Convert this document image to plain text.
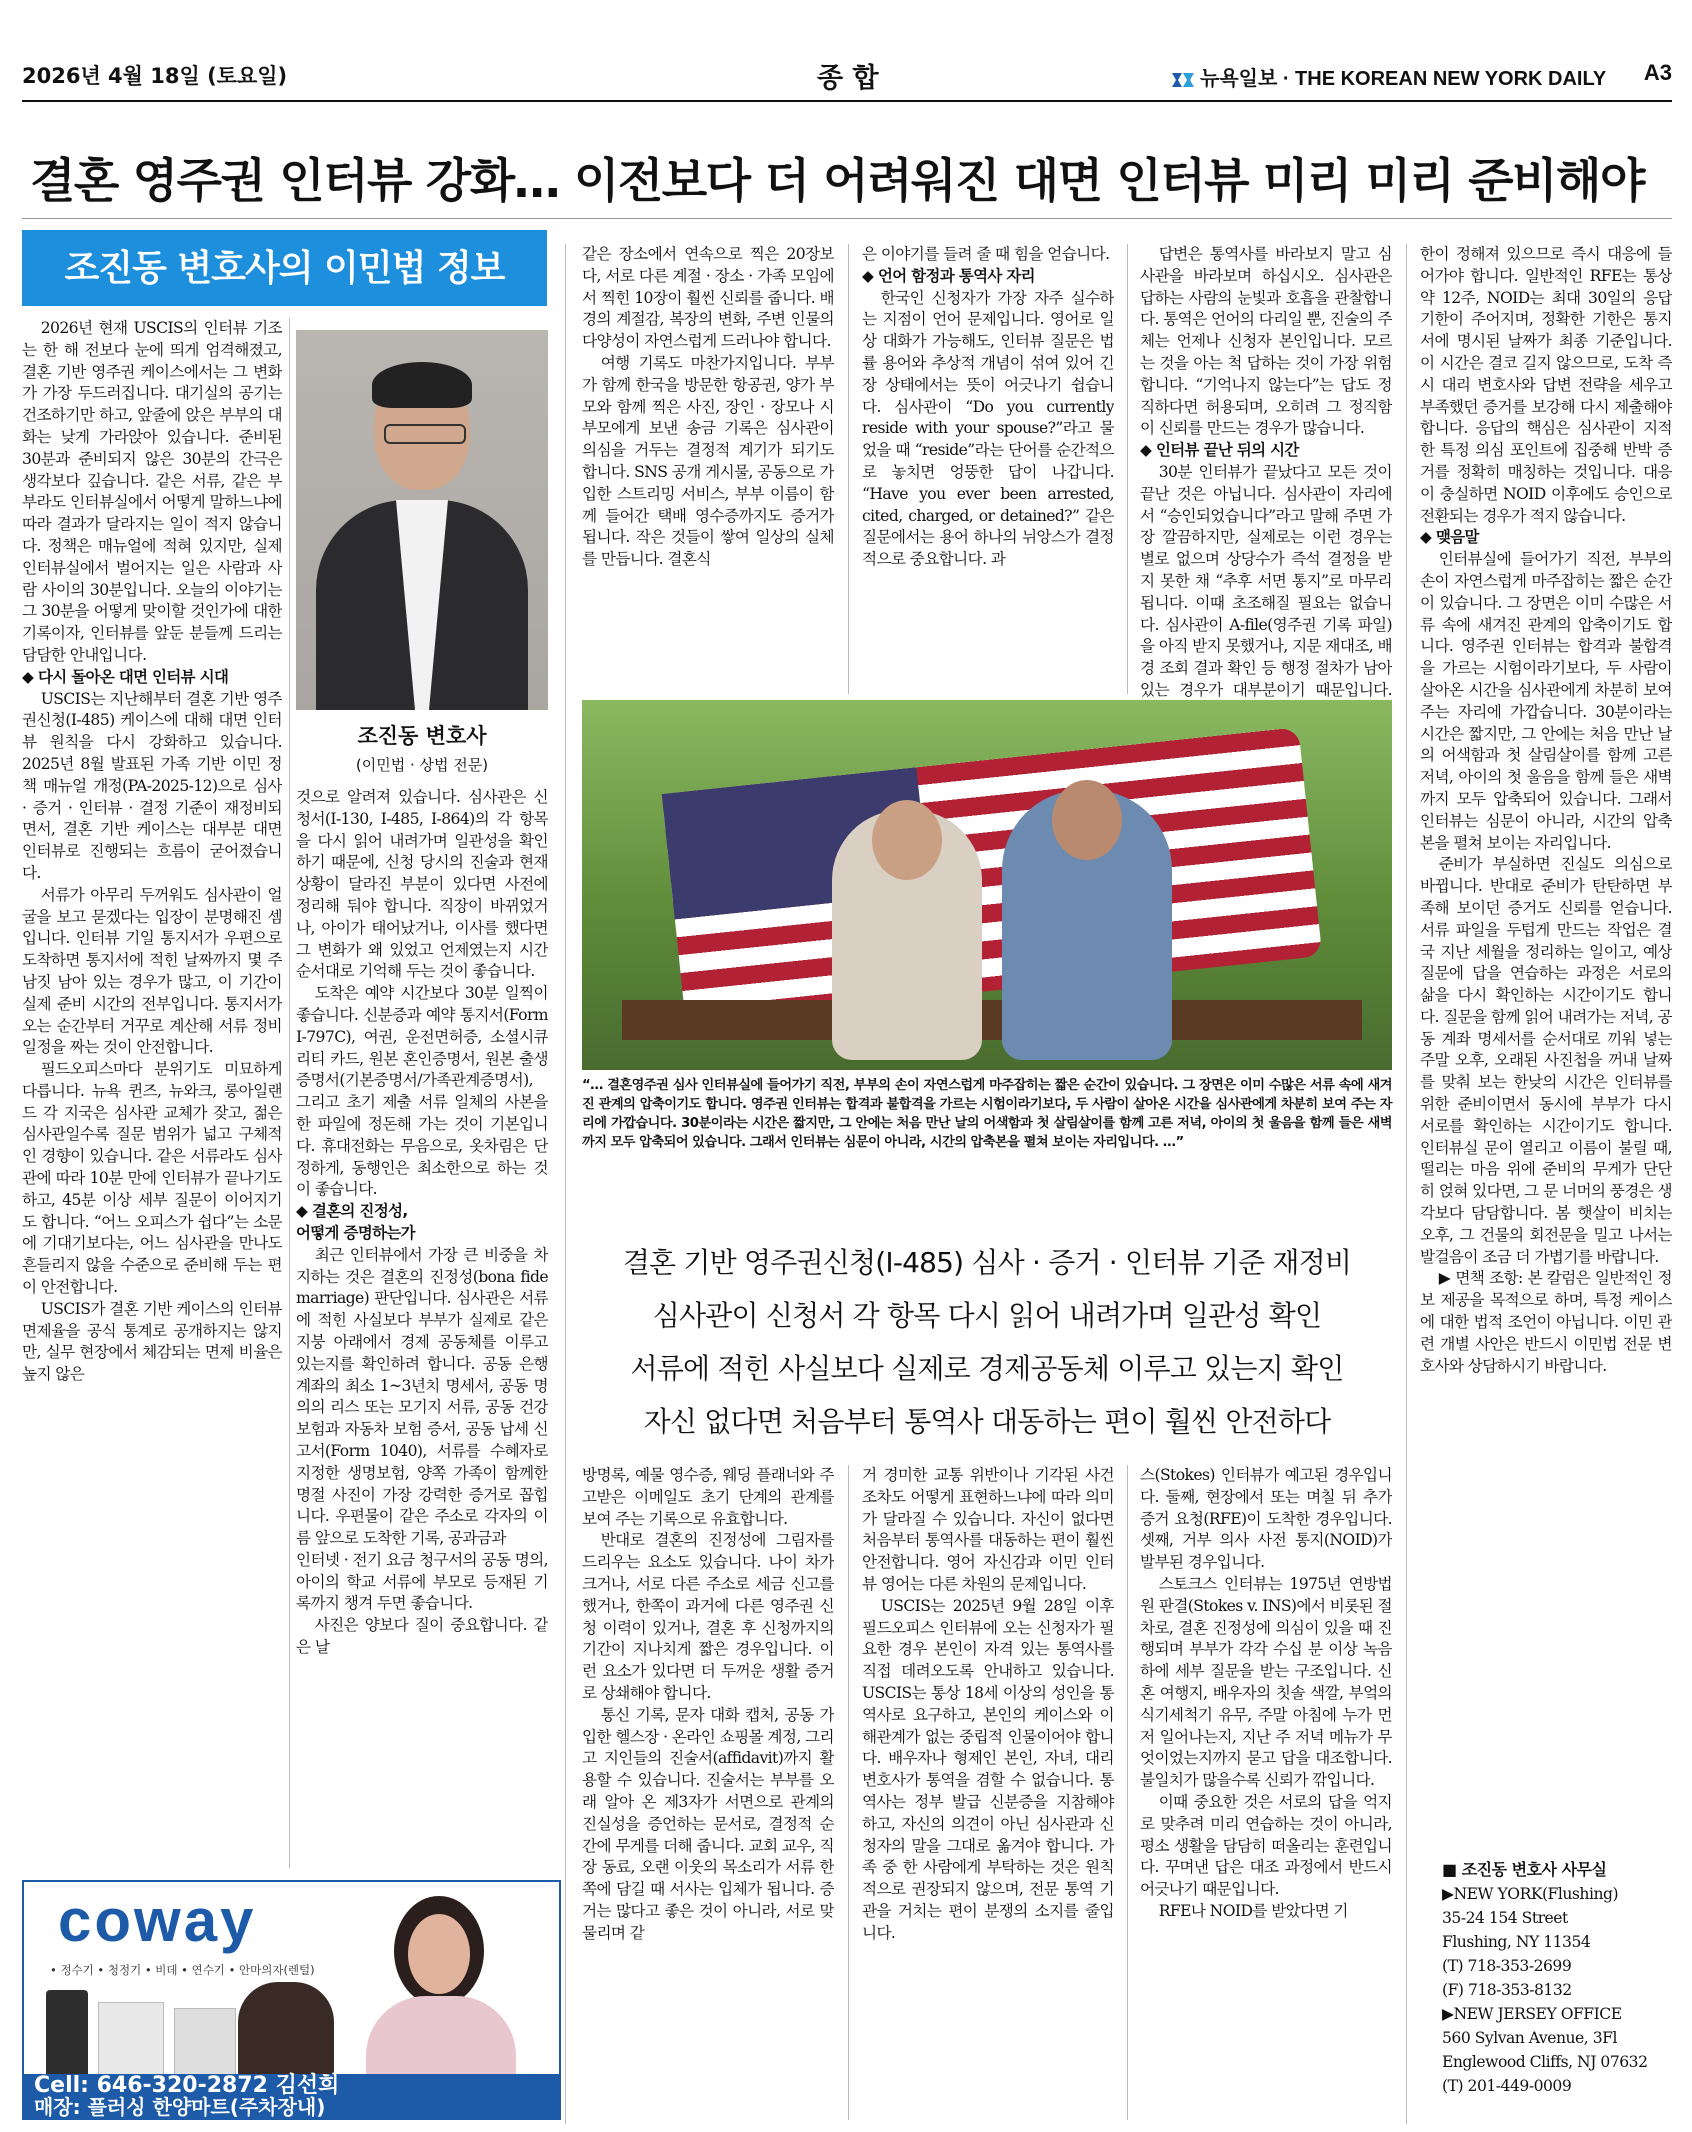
2026년 4월 18일 (토요일)	종 합	뉴욕일보 · THE KOREAN NEW YORK DAILY A3
결혼 영주권 인터뷰 강화… 이전보다 더 어려워진 대면 인터뷰 미리 미리 준비해야
조진동 변호사의 이민법 정보
조진동 변호사
(이민법 · 상법 전문)

2026년 현재 USCIS의 인터뷰 기조는 한 해 전보다 눈에 띄게 엄격해졌고, 결혼 기반 영주권 케이스에서는 그 변화가 가장 두드러집니다. 대기실의 공기는 건조하기만 하고, 앞줄에 앉은 부부의 대화는 낮게 가라앉아 있습니다. 준비된 30분과 준비되지 않은 30분의 간극은 생각보다 깊습니다. 같은 서류, 같은 부부라도 인터뷰실에서 어떻게 말하느냐에 따라 결과가 달라지는 일이 적지 않습니다. 정책은 매뉴얼에 적혀 있지만, 실제 인터뷰실에서 벌어지는 일은 사람과 사람 사이의 30분입니다. 오늘의 이야기는 그 30분을 어떻게 맞이할 것인가에 대한 기록이자, 인터뷰를 앞둔 분들께 드리는 담담한 안내입니다.

◆ 다시 돌아온 대면 인터뷰 시대

USCIS는 지난해부터 결혼 기반 영주권신청(I-485) 케이스에 대해 대면 인터뷰 원칙을 다시 강화하고 있습니다. 2025년 8월 발표된 가족 기반 이민 정책 매뉴얼 개정(PA-2025-12)으로 심사 · 증거 · 인터뷰 · 결정 기준이 재정비되면서, 결혼 기반 케이스는 대부분 대면 인터뷰로 진행되는 흐름이 굳어졌습니다.

서류가 아무리 두꺼워도 심사관이 얼굴을 보고 묻겠다는 입장이 분명해진 셈입니다. 인터뷰 기일 통지서가 우편으로 도착하면 통지서에 적힌 날짜까지 몇 주 남짓 남아 있는 경우가 많고, 이 기간이 실제 준비 시간의 전부입니다. 통지서가 오는 순간부터 거꾸로 계산해 서류 정비 일정을 짜는 것이 안전합니다.

필드오피스마다 분위기도 미묘하게 다릅니다. 뉴욕 퀸즈, 뉴와크, 롱아일랜드 각 지국은 심사관 교체가 잦고, 젊은 심사관일수록 질문 범위가 넓고 구체적인 경향이 있습니다. 같은 서류라도 심사관에 따라 10분 만에 인터뷰가 끝나기도 하고, 45분 이상 세부 질문이 이어지기도 합니다. “어느 오피스가 쉽다”는 소문에 기대기보다는, 어느 심사관을 만나도 흔들리지 않을 수준으로 준비해 두는 편이 안전합니다.

USCIS가 결혼 기반 케이스의 인터뷰 면제율을 공식 통계로 공개하지는 않지만, 실무 현장에서 체감되는 면제 비율은 높지 않은

것으로 알려져 있습니다. 심사관은 신청서(I-130, I-485, I-864)의 각 항목을 다시 읽어 내려가며 일관성을 확인하기 때문에, 신청 당시의 진술과 현재 상황이 달라진 부분이 있다면 사전에 정리해 둬야 합니다. 직장이 바뀌었거나, 아이가 태어났거나, 이사를 했다면 그 변화가 왜 있었고 언제였는지 시간 순서대로 기억해 두는 것이 좋습니다.

도착은 예약 시간보다 30분 일찍이 좋습니다. 신분증과 예약 통지서(Form I-797C), 여권, 운전면허증, 소셜시큐리티 카드, 원본 혼인증명서, 원본 출생증명서(기본증명서/가족관계증명서), 그리고 초기 제출 서류 일체의 사본을 한 파일에 정돈해 가는 것이 기본입니다. 휴대전화는 무음으로, 옷차림은 단정하게, 동행인은 최소한으로 하는 것이 좋습니다.

◆ 결혼의 진정성,

어떻게 증명하는가

최근 인터뷰에서 가장 큰 비중을 차지하는 것은 결혼의 진정성(bona fide marriage) 판단입니다. 심사관은 서류에 적힌 사실보다 부부가 실제로 같은 지붕 아래에서 경제 공동체를 이루고 있는지를 확인하려 합니다. 공동 은행 계좌의 최소 1~3년치 명세서, 공동 명의의 리스 또는 모기지 서류, 공동 건강보험과 자동차 보험 증서, 공동 납세 신고서(Form 1040), 서류를 수혜자로 지정한 생명보험, 양쪽 가족이 함께한 명절 사진이 가장 강력한 증거로 꼽힙니다. 우편물이 같은 주소로 각자의 이름 앞으로 도착한 기록, 공과금과

인터넷 · 전기 요금 청구서의 공동 명의, 아이의 학교 서류에 부모로 등재된 기록까지 챙겨 두면 좋습니다.

사진은 양보다 질이 중요합니다. 같은 날

같은 장소에서 연속으로 찍은 20장보다, 서로 다른 계절 · 장소 · 가족 모임에서 찍힌 10장이 훨씬 신뢰를 줍니다. 배경의 계절감, 복장의 변화, 주변 인물의 다양성이 자연스럽게 드러나야 합니다.

여행 기록도 마찬가지입니다. 부부가 함께 한국을 방문한 항공권, 양가 부모와 함께 찍은 사진, 장인 · 장모나 시부모에게 보낸 송금 기록은 심사관이 의심을 거두는 결정적 계기가 되기도 합니다. SNS 공개 게시물, 공동으로 가입한 스트리밍 서비스, 부부 이름이 함께 들어간 택배 영수증까지도 증거가 됩니다. 작은 것들이 쌓여 일상의 실체를 만듭니다. 결혼식

은 이야기를 들려 줄 때 힘을 얻습니다.

◆ 언어 함정과 통역사 자리

한국인 신청자가 가장 자주 실수하는 지점이 언어 문제입니다. 영어로 일상 대화가 가능해도, 인터뷰 질문은 법률 용어와 추상적 개념이 섞여 있어 긴장 상태에서는 뜻이 어긋나기 쉽습니다. 심사관이 “Do you currently reside with your spouse?”라고 물었을 때 “reside”라는 단어를 순간적으로 놓치면 엉뚱한 답이 나갑니다. “Have you ever been arrested, cited, charged, or detained?” 같은 질문에서는 용어 하나의 뉘앙스가 결정적으로 중요합니다. 과

답변은 통역사를 바라보지 말고 심사관을 바라보며 하십시오. 심사관은 답하는 사람의 눈빛과 호흡을 관찰합니다. 통역은 언어의 다리일 뿐, 진술의 주체는 언제나 신청자 본인입니다. 모르는 것을 아는 척 답하는 것이 가장 위험합니다. “기억나지 않는다”는 답도 정직하다면 허용되며, 오히려 그 정직함이 신뢰를 만드는 경우가 많습니다.

◆ 인터뷰 끝난 뒤의 시간

30분 인터뷰가 끝났다고 모든 것이 끝난 것은 아닙니다. 심사관이 자리에서 “승인되었습니다”라고 말해 주면 가장 깔끔하지만, 실제로는 이런 경우는 별로 없으며 상당수가 즉석 결정을 받지 못한 채 “추후 서면 통지”로 마무리됩니다. 이때 초조해질 필요는 없습니다. 심사관이 A-file(영주권 기록 파일)을 아직 받지 못했거나, 지문 재대조, 배경 조회 결과 확인 등 행정 절차가 남아 있는 경우가 대부분이기 때문입니다.

한이 정해져 있으므로 즉시 대응에 들어가야 합니다. 일반적인 RFE는 통상 약 12주, NOID는 최대 30일의 응답 기한이 주어지며, 정확한 기한은 통지서에 명시된 날짜가 최종 기준입니다. 이 시간은 결코 길지 않으므로, 도착 즉시 대리 변호사와 답변 전략을 세우고 부족했던 증거를 보강해 다시 제출해야 합니다. 응답의 핵심은 심사관이 지적한 특정 의심 포인트에 집중해 반박 증거를 정확히 매칭하는 것입니다. 대응이 충실하면 NOID 이후에도 승인으로 전환되는 경우가 적지 않습니다.

◆ 맺음말

인터뷰실에 들어가기 직전, 부부의 손이 자연스럽게 마주잡히는 짧은 순간이 있습니다. 그 장면은 이미 수많은 서류 속에 새겨진 관계의 압축이기도 합니다. 영주권 인터뷰는 합격과 불합격을 가르는 시험이라기보다, 두 사람이 살아온 시간을 심사관에게 차분히 보여 주는 자리에 가깝습니다. 30분이라는 시간은 짧지만, 그 안에는 처음 만난 날의 어색함과 첫 살림살이를 함께 고른 저녁, 아이의 첫 울음을 함께 들은 새벽까지 모두 압축되어 있습니다. 그래서 인터뷰는 심문이 아니라, 시간의 압축본을 펼쳐 보이는 자리입니다.

준비가 부실하면 진실도 의심으로 바뀝니다. 반대로 준비가 탄탄하면 부족해 보이던 증거도 신뢰를 얻습니다. 서류 파일을 두텁게 만드는 작업은 결국 지난 세월을 정리하는 일이고, 예상 질문에 답을 연습하는 과정은 서로의 삶을 다시 확인하는 시간이기도 합니다. 질문을 함께 읽어 내려가는 저녁, 공동 계좌 명세서를 순서대로 끼워 넣는 주말 오후, 오래된 사진첩을 꺼내 날짜를 맞춰 보는 한낮의 시간은 인터뷰를 위한 준비이면서 동시에 부부가 다시 서로를 확인하는 시간이기도 합니다. 인터뷰실 문이 열리고 이름이 불릴 때, 떨리는 마음 위에 준비의 무게가 단단히 얹혀 있다면, 그 문 너머의 풍경은 생각보다 담담합니다. 봄 햇살이 비치는 오후, 그 건물의 회전문을 밀고 나서는 발걸음이 조금 더 가볍기를 바랍니다.

▶ 면책 조항: 본 칼럼은 일반적인 정보 제공을 목적으로 하며, 특정 케이스에 대한 법적 조언이 아닙니다. 이민 관련 개별 사안은 반드시 이민법 전문 변호사와 상담하시기 바랍니다.

방명록, 예물 영수증, 웨딩 플래너와 주고받은 이메일도 초기 단계의 관계를 보여 주는 기록으로 유효합니다.

반대로 결혼의 진정성에 그림자를 드리우는 요소도 있습니다. 나이 차가 크거나, 서로 다른 주소로 세금 신고를 했거나, 한쪽이 과거에 다른 영주권 신청 이력이 있거나, 결혼 후 신청까지의 기간이 지나치게 짧은 경우입니다. 이런 요소가 있다면 더 두꺼운 생활 증거로 상쇄해야 합니다.

통신 기록, 문자 대화 캡처, 공동 가입한 헬스장 · 온라인 쇼핑몰 계정, 그리고 지인들의 진술서(affidavit)까지 활용할 수 있습니다. 진술서는 부부를 오래 알아 온 제3자가 서면으로 관계의 진실성을 증언하는 문서로, 결정적 순간에 무게를 더해 줍니다. 교회 교우, 직장 동료, 오랜 이웃의 목소리가 서류 한쪽에 담길 때 서사는 입체가 됩니다. 증거는 많다고 좋은 것이 아니라, 서로 맞물리며 같

거 경미한 교통 위반이나 기각된 사건조차도 어떻게 표현하느냐에 따라 의미가 달라질 수 있습니다. 자신이 없다면 처음부터 통역사를 대동하는 편이 훨씬 안전합니다. 영어 자신감과 이민 인터뷰 영어는 다른 차원의 문제입니다.

USCIS는 2025년 9월 28일 이후 필드오피스 인터뷰에 오는 신청자가 필요한 경우 본인이 자격 있는 통역사를 직접 데려오도록 안내하고 있습니다. USCIS는 통상 18세 이상의 성인을 통역사로 요구하고, 본인의 케이스와 이해관계가 없는 중립적 인물이어야 합니다. 배우자나 형제인 본인, 자녀, 대리 변호사가 통역을 겸할 수 없습니다. 통역사는 정부 발급 신분증을 지참해야 하고, 자신의 의견이 아닌 심사관과 신청자의 말을 그대로 옮겨야 합니다. 가족 중 한 사람에게 부탁하는 것은 원칙적으로 권장되지 않으며, 전문 통역 기관을 거치는 편이 분쟁의 소지를 줄입니다.

스(Stokes) 인터뷰가 예고된 경우입니다. 둘째, 현장에서 또는 며칠 뒤 추가 증거 요청(RFE)이 도착한 경우입니다. 셋째, 거부 의사 사전 통지(NOID)가 발부된 경우입니다.

스토크스 인터뷰는 1975년 연방법원 판결(Stokes v. INS)에서 비롯된 절차로, 결혼 진정성에 의심이 있을 때 진행되며 부부가 각각 수십 분 이상 녹음하에 세부 질문을 받는 구조입니다. 신혼 여행지, 배우자의 칫솔 색깔, 부엌의 식기세척기 유무, 주말 아침에 누가 먼저 일어나는지, 지난 주 저녁 메뉴가 무엇이었는지까지 묻고 답을 대조합니다. 불일치가 많을수록 신뢰가 깎입니다.

이때 중요한 것은 서로의 답을 억지로 맞추려 미리 연습하는 것이 아니라, 평소 생활을 담담히 떠올리는 훈련입니다. 꾸며낸 답은 대조 과정에서 반드시 어긋나기 때문입니다.

RFE나 NOID를 받았다면 기

“… 결혼영주권 심사 인터뷰실에 들어가기 직전, 부부의 손이 자연스럽게 마주잡히는 짧은 순간이 있습니다. 그 장면은 이미 수많은 서류 속에 새겨진 관계의 압축이기도 합니다. 영주권 인터뷰는 합격과 불합격을 가르는 시험이라기보다, 두 사람이 살아온 시간을 심사관에게 차분히 보여 주는 자리에 가깝습니다. 30분이라는 시간은 짧지만, 그 안에는 처음 만난 날의 어색함과 첫 살림살이를 함께 고른 저녁, 아이의 첫 울음을 함께 들은 새벽까지 모두 압축되어 있습니다. 그래서 인터뷰는 심문이 아니라, 시간의 압축본을 펼쳐 보이는 자리입니다. …”
결혼 기반 영주권신청(I-485) 심사 · 증거 · 인터뷰 기준 재정비
심사관이 신청서 각 항목 다시 읽어 내려가며 일관성 확인
서류에 적힌 사실보다 실제로 경제공동체 이루고 있는지 확인
자신 없다면 처음부터 통역사 대동하는 편이 훨씬 안전하다
coway
• 정수기 • 청정기 • 비데 • 연수기 • 안마의자(렌털)
Cell: 646-320-2872 김선희
매장: 플러싱 한양마트(주차장내)
■ 조진동 변호사 사무실
▶NEW YORK(Flushing)
35-24 154 Street
Flushing, NY 11354
(T) 718-353-2699
(F) 718-353-8132
▶NEW JERSEY OFFICE
560 Sylvan Avenue, 3Fl
Englewood Cliffs, NJ 07632
(T) 201-449-0009
